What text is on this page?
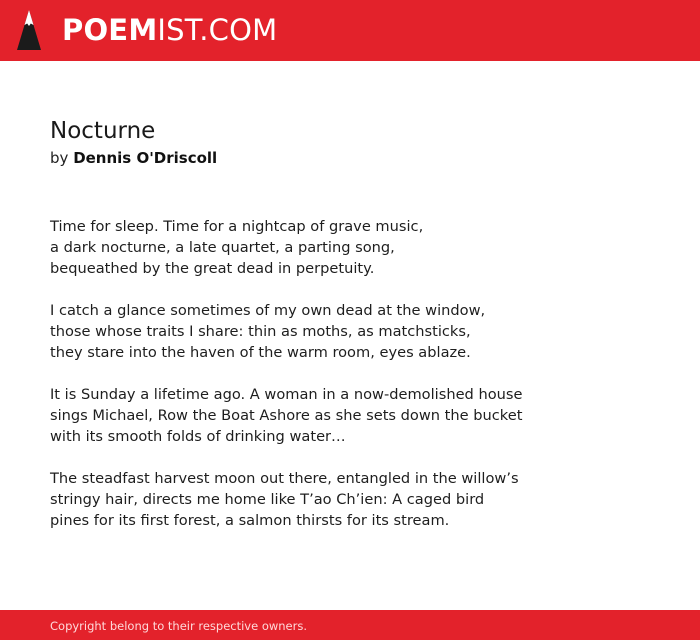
POEMIST.COM
Nocturne
by Dennis O'Driscoll

Time for sleep. Time for a nightcap of grave music,
a dark nocturne, a late quartet, a parting song,
bequeathed by the great dead in perpetuity.

I catch a glance sometimes of my own dead at the window,
those whose traits I share: thin as moths, as matchsticks,
they stare into the haven of the warm room, eyes ablaze.

It is Sunday a lifetime ago. A woman in a now-demolished house
sings Michael, Row the Boat Ashore as she sets down the bucket
with its smooth folds of drinking water…

The steadfast harvest moon out there, entangled in the willow’s
stringy hair, directs me home like T’ao Ch’ien: A caged bird
pines for its first forest, a salmon thirsts for its stream.

Copyright belong to their respective owners.
